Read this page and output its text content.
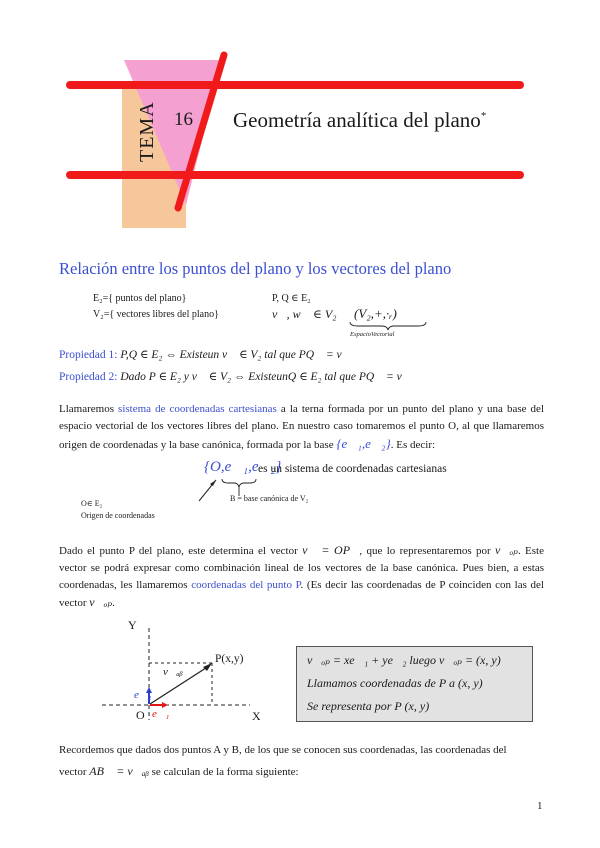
TEMA 16 Geometría analítica del plano*
Relación entre los puntos del plano y los vectores del plano
E₂={ puntos del plano}
V₂={ vectores libres del plano}
P, Q ∈ E₂
v⃗, w⃗ ∈ V₂ (V₂,+,·ᵣ)
EspacioVectorial
Propiedad 1: P,Q ∈ E₂ ⇔ Existeun v⃗ ∈ V₂ tal que PQ⃗ = v⃗
Propiedad 2: Dado P ∈ E₂ y v⃗ ∈ V₂ ⇔ ExisteunQ ∈ E₂ tal que PQ⃗ = v⃗
Llamaremos sistema de coordenadas cartesianas a la terna formada por un punto del plano y una base del espacio vectorial de los vectores libres del plano. En nuestro caso tomaremos el punto O, al que llamaremos origen de coordenadas y la base canónica, formada por la base {e⃗₁,e⃗₂}. Es decir:
{O,e⃗₁,e⃗₂}
es un sistema de coordenadas cartesianas
B = base canónica de V₂
O∈ E₂
Origen de coordenadas
Dado el punto P del plano, este determina el vector v⃗ = OP⃗, que lo representaremos por v⃗ₒₚ. Este vector se podrá expresar como combinación lineal de los vectores de la base canónica. Pues bien, a estas coordenadas, les llamaremos coordenadas del punto P. (Es decir las coordenadas de P coinciden con las del vector v⃗ₒₚ.
Y
X
O
P(x,y)
v⃗ₐᵦ
e⃗₁
e⃗₂
v⃗ₒₚ = xe⃗₁ + ye⃗₂ luego v⃗ₒₚ = (x, y)
Llamamos coordenadas de P a (x, y)
Se representa por P (x, y)
Recordemos que dados dos puntos A y B, de los que se conocen sus coordenadas, las coordenadas del
vector AB⃗ = v⃗ₐᵦ se calculan de la forma siguiente:
1
